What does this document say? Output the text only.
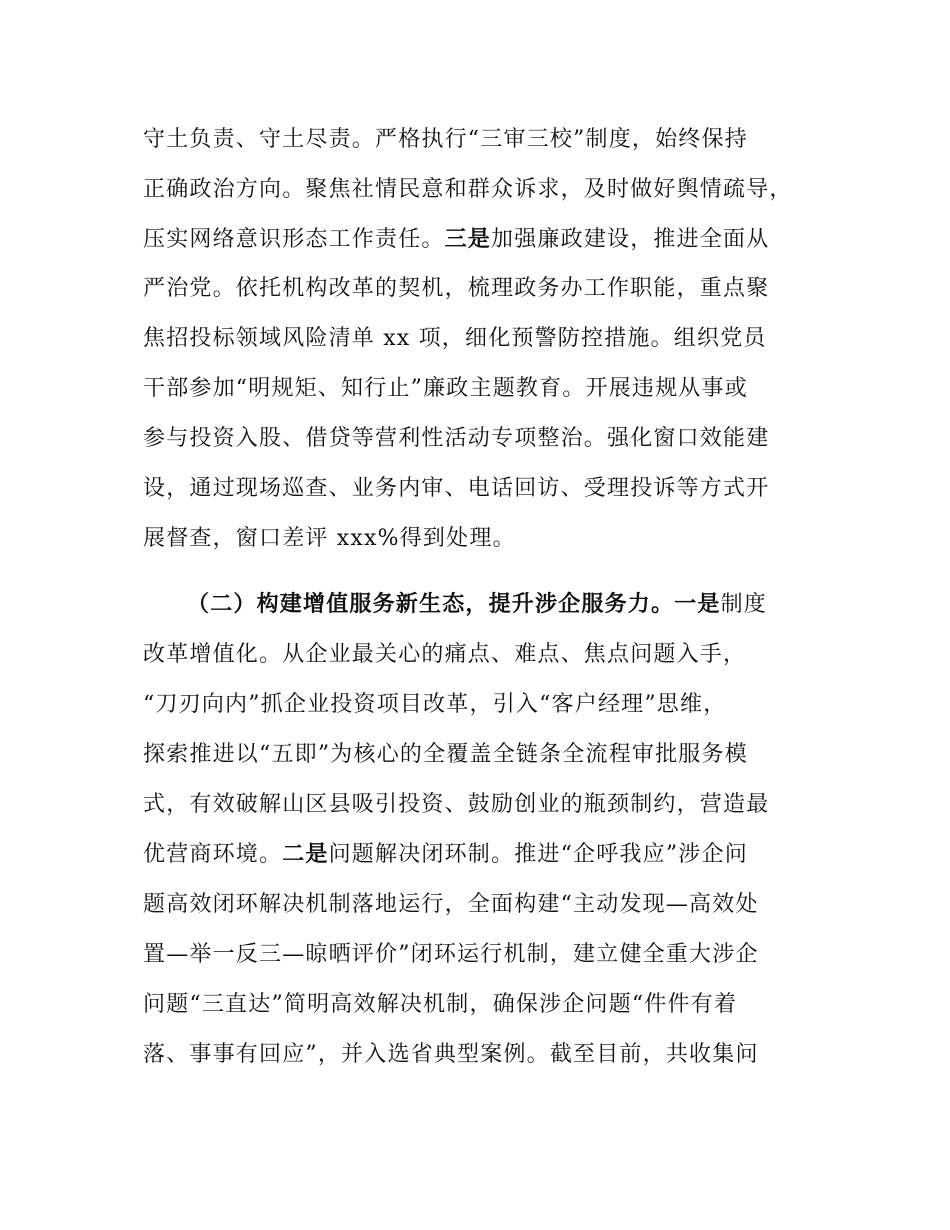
守土负责、守土尽责。严格执行“三审三校”制度，始终保持
正确政治方向。聚焦社情民意和群众诉求，及时做好舆情疏导，
压实网络意识形态工作责任。三是加强廉政建设，推进全面从
严治党。依托机构改革的契机，梳理政务办工作职能，重点聚
焦招投标领域风险清单 xx 项，细化预警防控措施。组织党员
干部参加“明规矩、知行止”廉政主题教育。开展违规从事或
参与投资入股、借贷等营利性活动专项整治。强化窗口效能建
设，通过现场巡查、业务内审、电话回访、受理投诉等方式开
展督查，窗口差评 xxx%得到处理。
（二）构建增值服务新生态，提升涉企服务力。一是制度
改革增值化。从企业最关心的痛点、难点、焦点问题入手，
“刀刃向内”抓企业投资项目改革，引入“客户经理”思维，
探索推进以“五即”为核心的全覆盖全链条全流程审批服务模
式，有效破解山区县吸引投资、鼓励创业的瓶颈制约，营造最
优营商环境。二是问题解决闭环制。推进“企呼我应”涉企问
题高效闭环解决机制落地运行，全面构建“主动发现—高效处
置—举一反三—晾晒评价”闭环运行机制，建立健全重大涉企
问题“三直达”简明高效解决机制，确保涉企问题“件件有着
落、事事有回应”，并入选省典型案例。截至目前，共收集问
